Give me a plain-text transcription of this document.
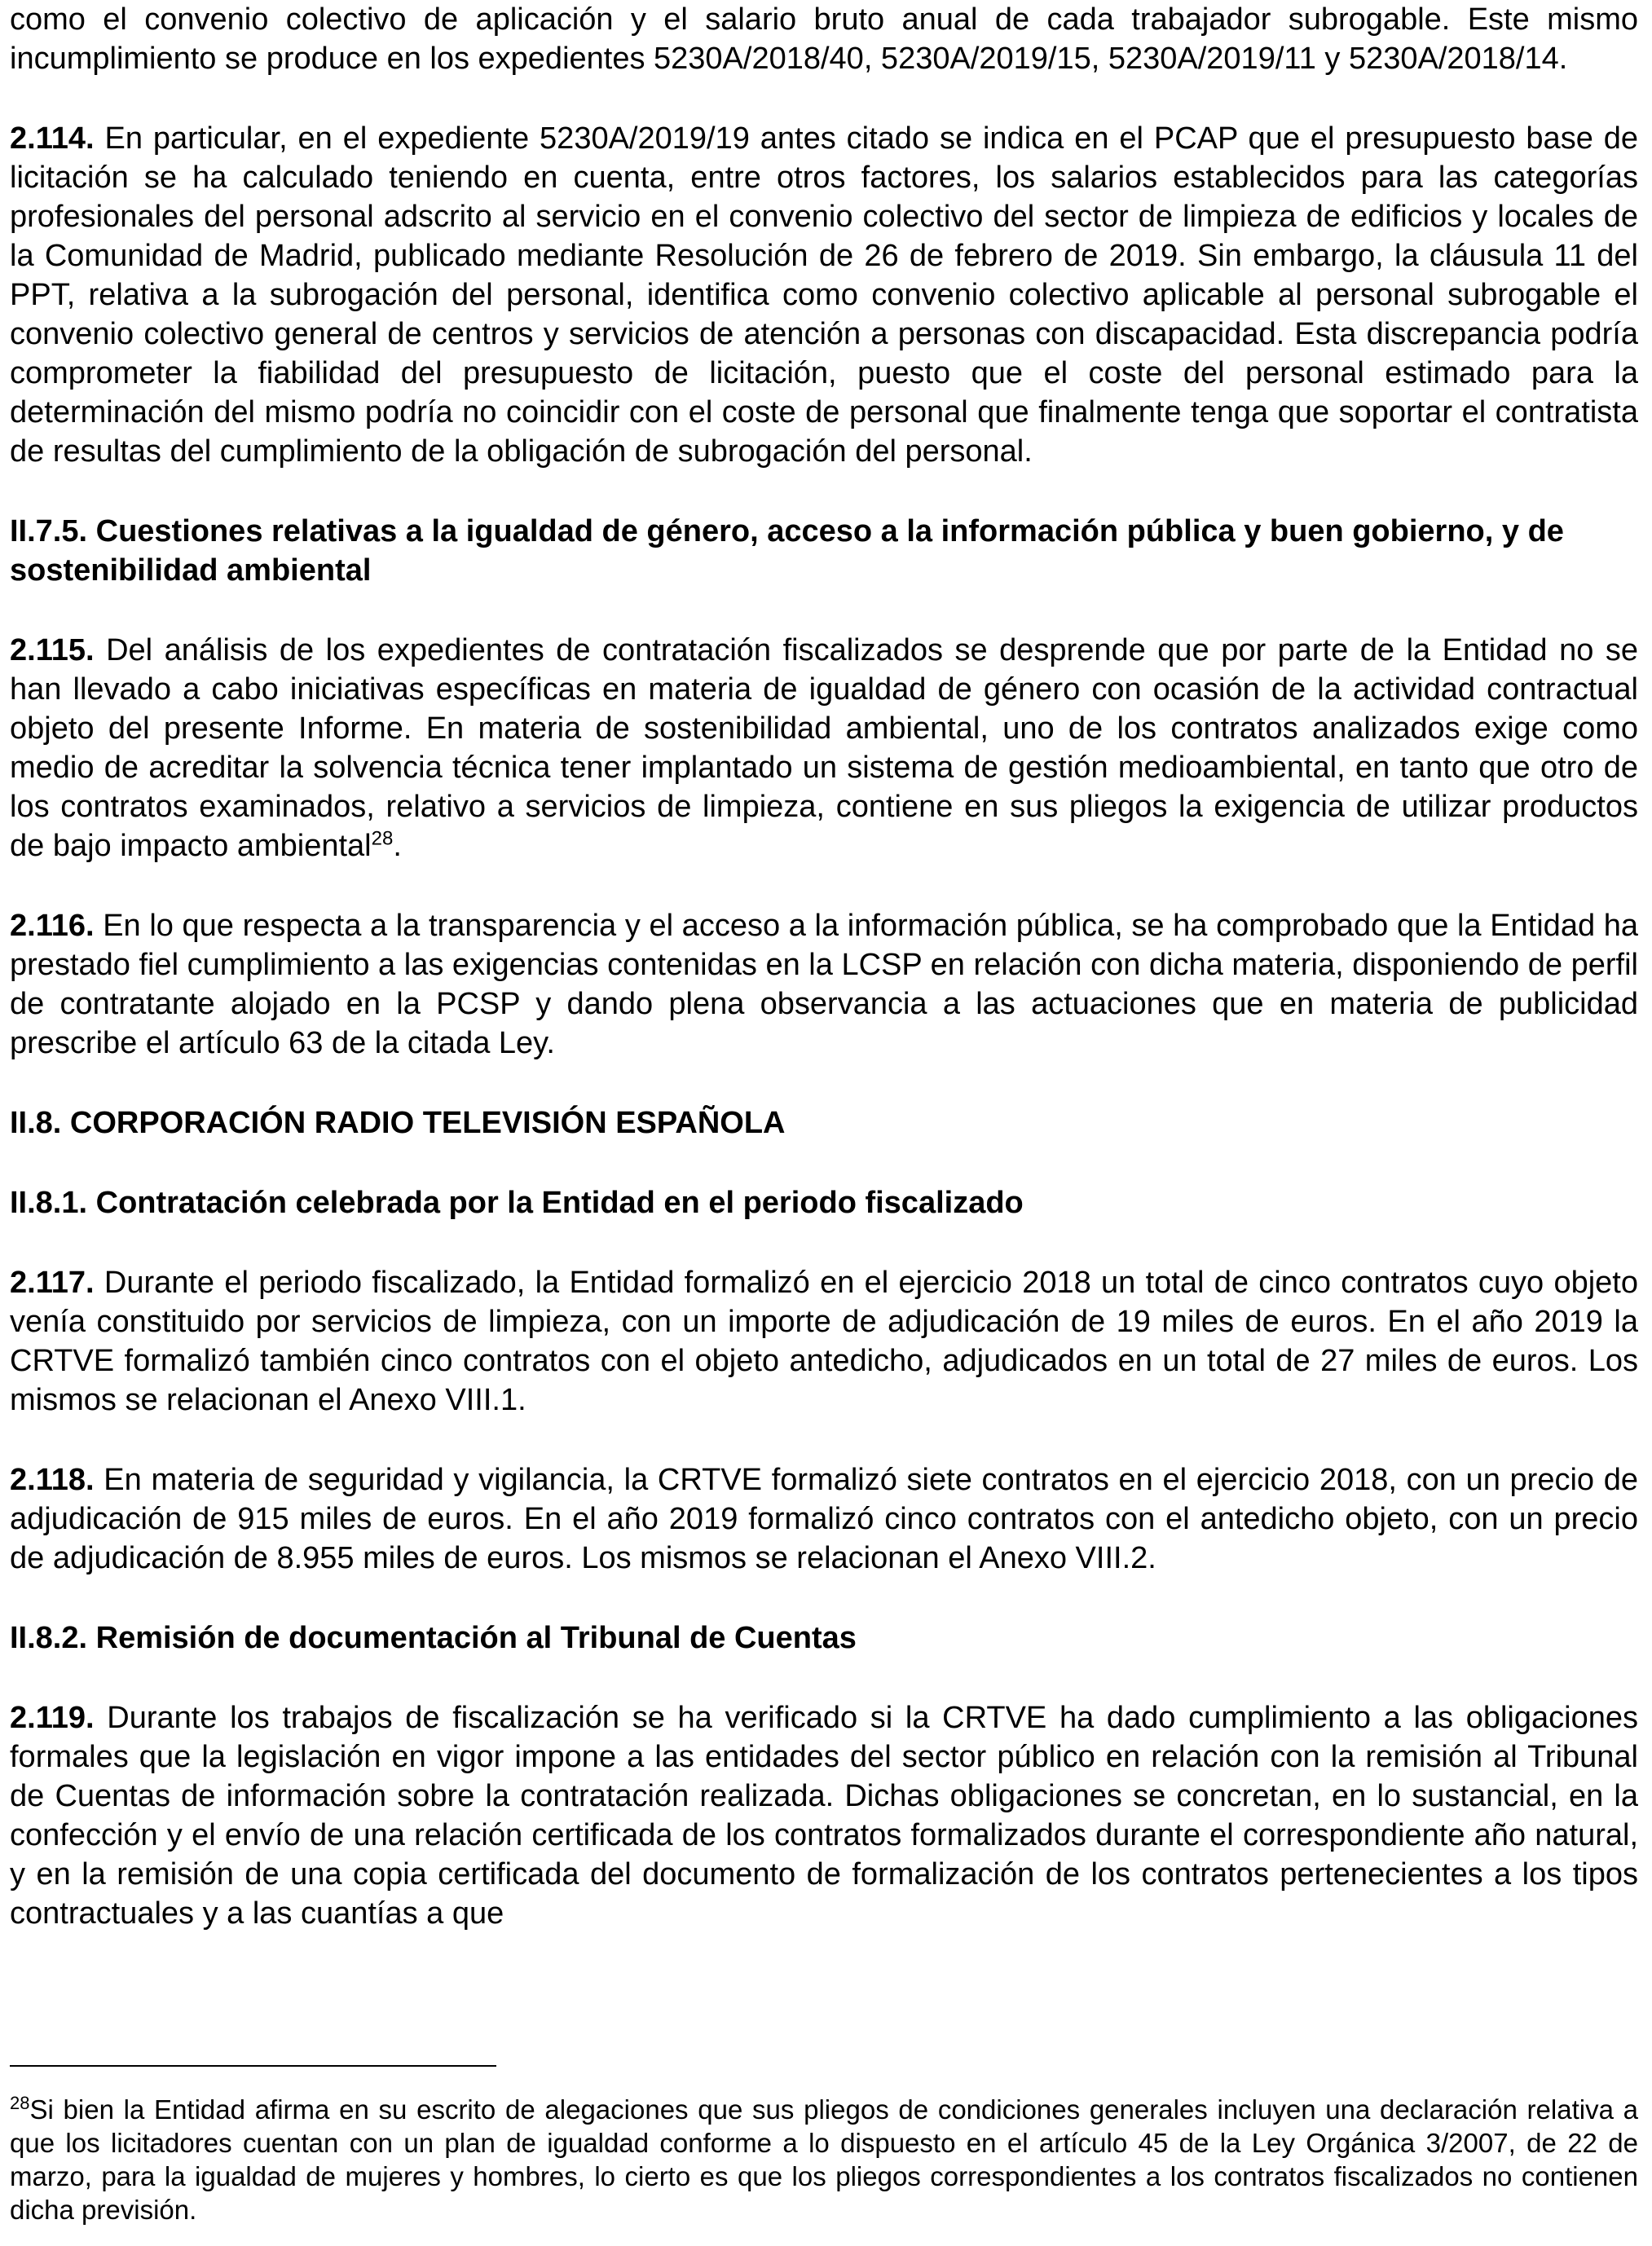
como el convenio colectivo de aplicación y el salario bruto anual de cada trabajador subrogable. Este mismo incumplimiento se produce en los expedientes 5230A/2018/40, 5230A/2019/15, 5230A/2019/11 y 5230A/2018/14.

2.114. En particular, en el expediente 5230A/2019/19 antes citado se indica en el PCAP que el presupuesto base de licitación se ha calculado teniendo en cuenta, entre otros factores, los salarios establecidos para las categorías profesionales del personal adscrito al servicio en el convenio colectivo del sector de limpieza de edificios y locales de la Comunidad de Madrid, publicado mediante Resolución de 26 de febrero de 2019. Sin embargo, la cláusula 11 del PPT, relativa a la subrogación del personal, identifica como convenio colectivo aplicable al personal subrogable el convenio colectivo general de centros y servicios de atención a personas con discapacidad. Esta discrepancia podría comprometer la fiabilidad del presupuesto de licitación, puesto que el coste del personal estimado para la determinación del mismo podría no coincidir con el coste de personal que finalmente tenga que soportar el contratista de resultas del cumplimiento de la obligación de subrogación del personal.

II.7.5. Cuestiones relativas a la igualdad de género, acceso a la información pública y buen gobierno, y de sostenibilidad ambiental

2.115. Del análisis de los expedientes de contratación fiscalizados se desprende que por parte de la Entidad no se han llevado a cabo iniciativas específicas en materia de igualdad de género con ocasión de la actividad contractual objeto del presente Informe. En materia de sostenibilidad ambiental, uno de los contratos analizados exige como medio de acreditar la solvencia técnica tener implantado un sistema de gestión medioambiental, en tanto que otro de los contratos examinados, relativo a servicios de limpieza, contiene en sus pliegos la exigencia de utilizar productos de bajo impacto ambiental$^{28}$.

2.116. En lo que respecta a la transparencia y el acceso a la información pública, se ha comprobado que la Entidad ha prestado fiel cumplimiento a las exigencias contenidas en la LCSP en relación con dicha materia, disponiendo de perfil de contratante alojado en la PCSP y dando plena observancia a las actuaciones que en materia de publicidad prescribe el artículo 63 de la citada Ley.

II.8. CORPORACIÓN RADIO TELEVISIÓN ESPAÑOLA

II.8.1. Contratación celebrada por la Entidad en el periodo fiscalizado

2.117. Durante el periodo fiscalizado, la Entidad formalizó en el ejercicio 2018 un total de cinco contratos cuyo objeto venía constituido por servicios de limpieza, con un importe de adjudicación de 19 miles de euros. En el año 2019 la CRTVE formalizó también cinco contratos con el objeto antedicho, adjudicados en un total de 27 miles de euros. Los mismos se relacionan el Anexo VIII.1.

2.118. En materia de seguridad y vigilancia, la CRTVE formalizó siete contratos en el ejercicio 2018, con un precio de adjudicación de 915 miles de euros. En el año 2019 formalizó cinco contratos con el antedicho objeto, con un precio de adjudicación de 8.955 miles de euros. Los mismos se relacionan el Anexo VIII.2.

II.8.2. Remisión de documentación al Tribunal de Cuentas

2.119. Durante los trabajos de fiscalización se ha verificado si la CRTVE ha dado cumplimiento a las obligaciones formales que la legislación en vigor impone a las entidades del sector público en relación con la remisión al Tribunal de Cuentas de información sobre la contratación realizada. Dichas obligaciones se concretan, en lo sustancial, en la confección y el envío de una relación certificada de los contratos formalizados durante el correspondiente año natural, y en la remisión de una copia certificada del documento de formalización de los contratos pertenecientes a los tipos contractuales y a las cuantías a que

$^{28}$Si bien la Entidad afirma en su escrito de alegaciones que sus pliegos de condiciones generales incluyen una declaración relativa a que los licitadores cuentan con un plan de igualdad conforme a lo dispuesto en el artículo 45 de la Ley Orgánica 3/2007, de 22 de marzo, para la igualdad de mujeres y hombres, lo cierto es que los pliegos correspondientes a los contratos fiscalizados no contienen dicha previsión.
